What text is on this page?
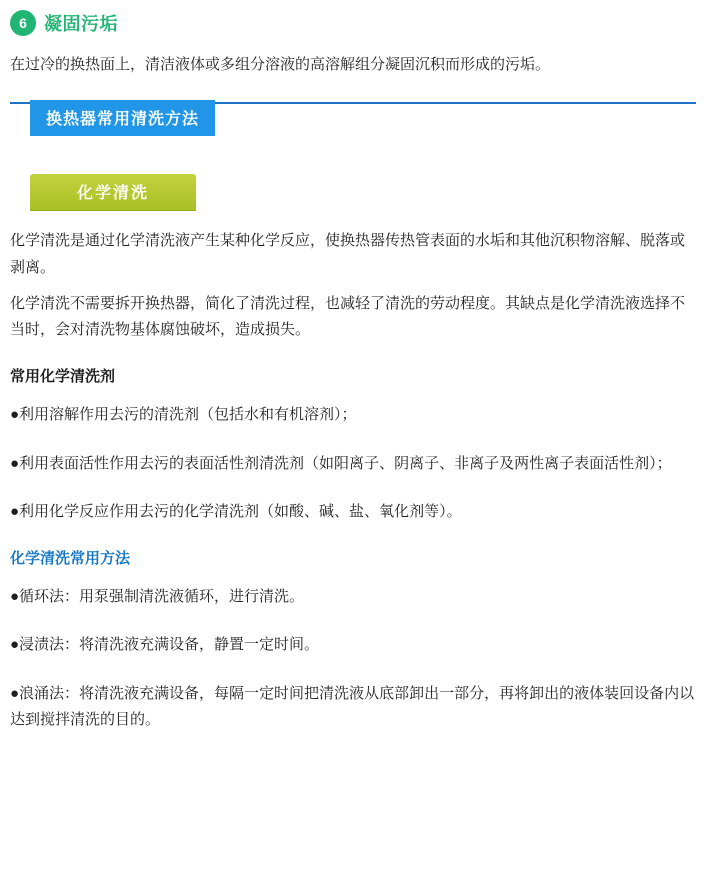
6 凝固污垢

在过冷的换热面上，清洁液体或多组分溶液的高溶解组分凝固沉积而形成的污垢。

换热器常用清洗方法
化学清洗

化学清洗是通过化学清洗液产生某种化学反应，使换热器传热管表面的水垢和其他沉积物溶解、脱落或剥离。

化学清洗不需要拆开换热器，简化了清洗过程，也减轻了清洗的劳动程度。其缺点是化学清洗液选择不当时，会对清洗物基体腐蚀破坏，造成损失。

常用化学清洗剂

●利用溶解作用去污的清洗剂（包括水和有机溶剂）；

●利用表面活性作用去污的表面活性剂清洗剂（如阳离子、阴离子、非离子及两性离子表面活性剂）；

●利用化学反应作用去污的化学清洗剂（如酸、碱、盐、氧化剂等）。

化学清洗常用方法

●循环法：用泵强制清洗液循环，进行清洗。

●浸渍法：将清洗液充满设备，静置一定时间。

●浪涌法：将清洗液充满设备，每隔一定时间把清洗液从底部卸出一部分，再将卸出的液体装回设备内以达到搅拌清洗的目的。
